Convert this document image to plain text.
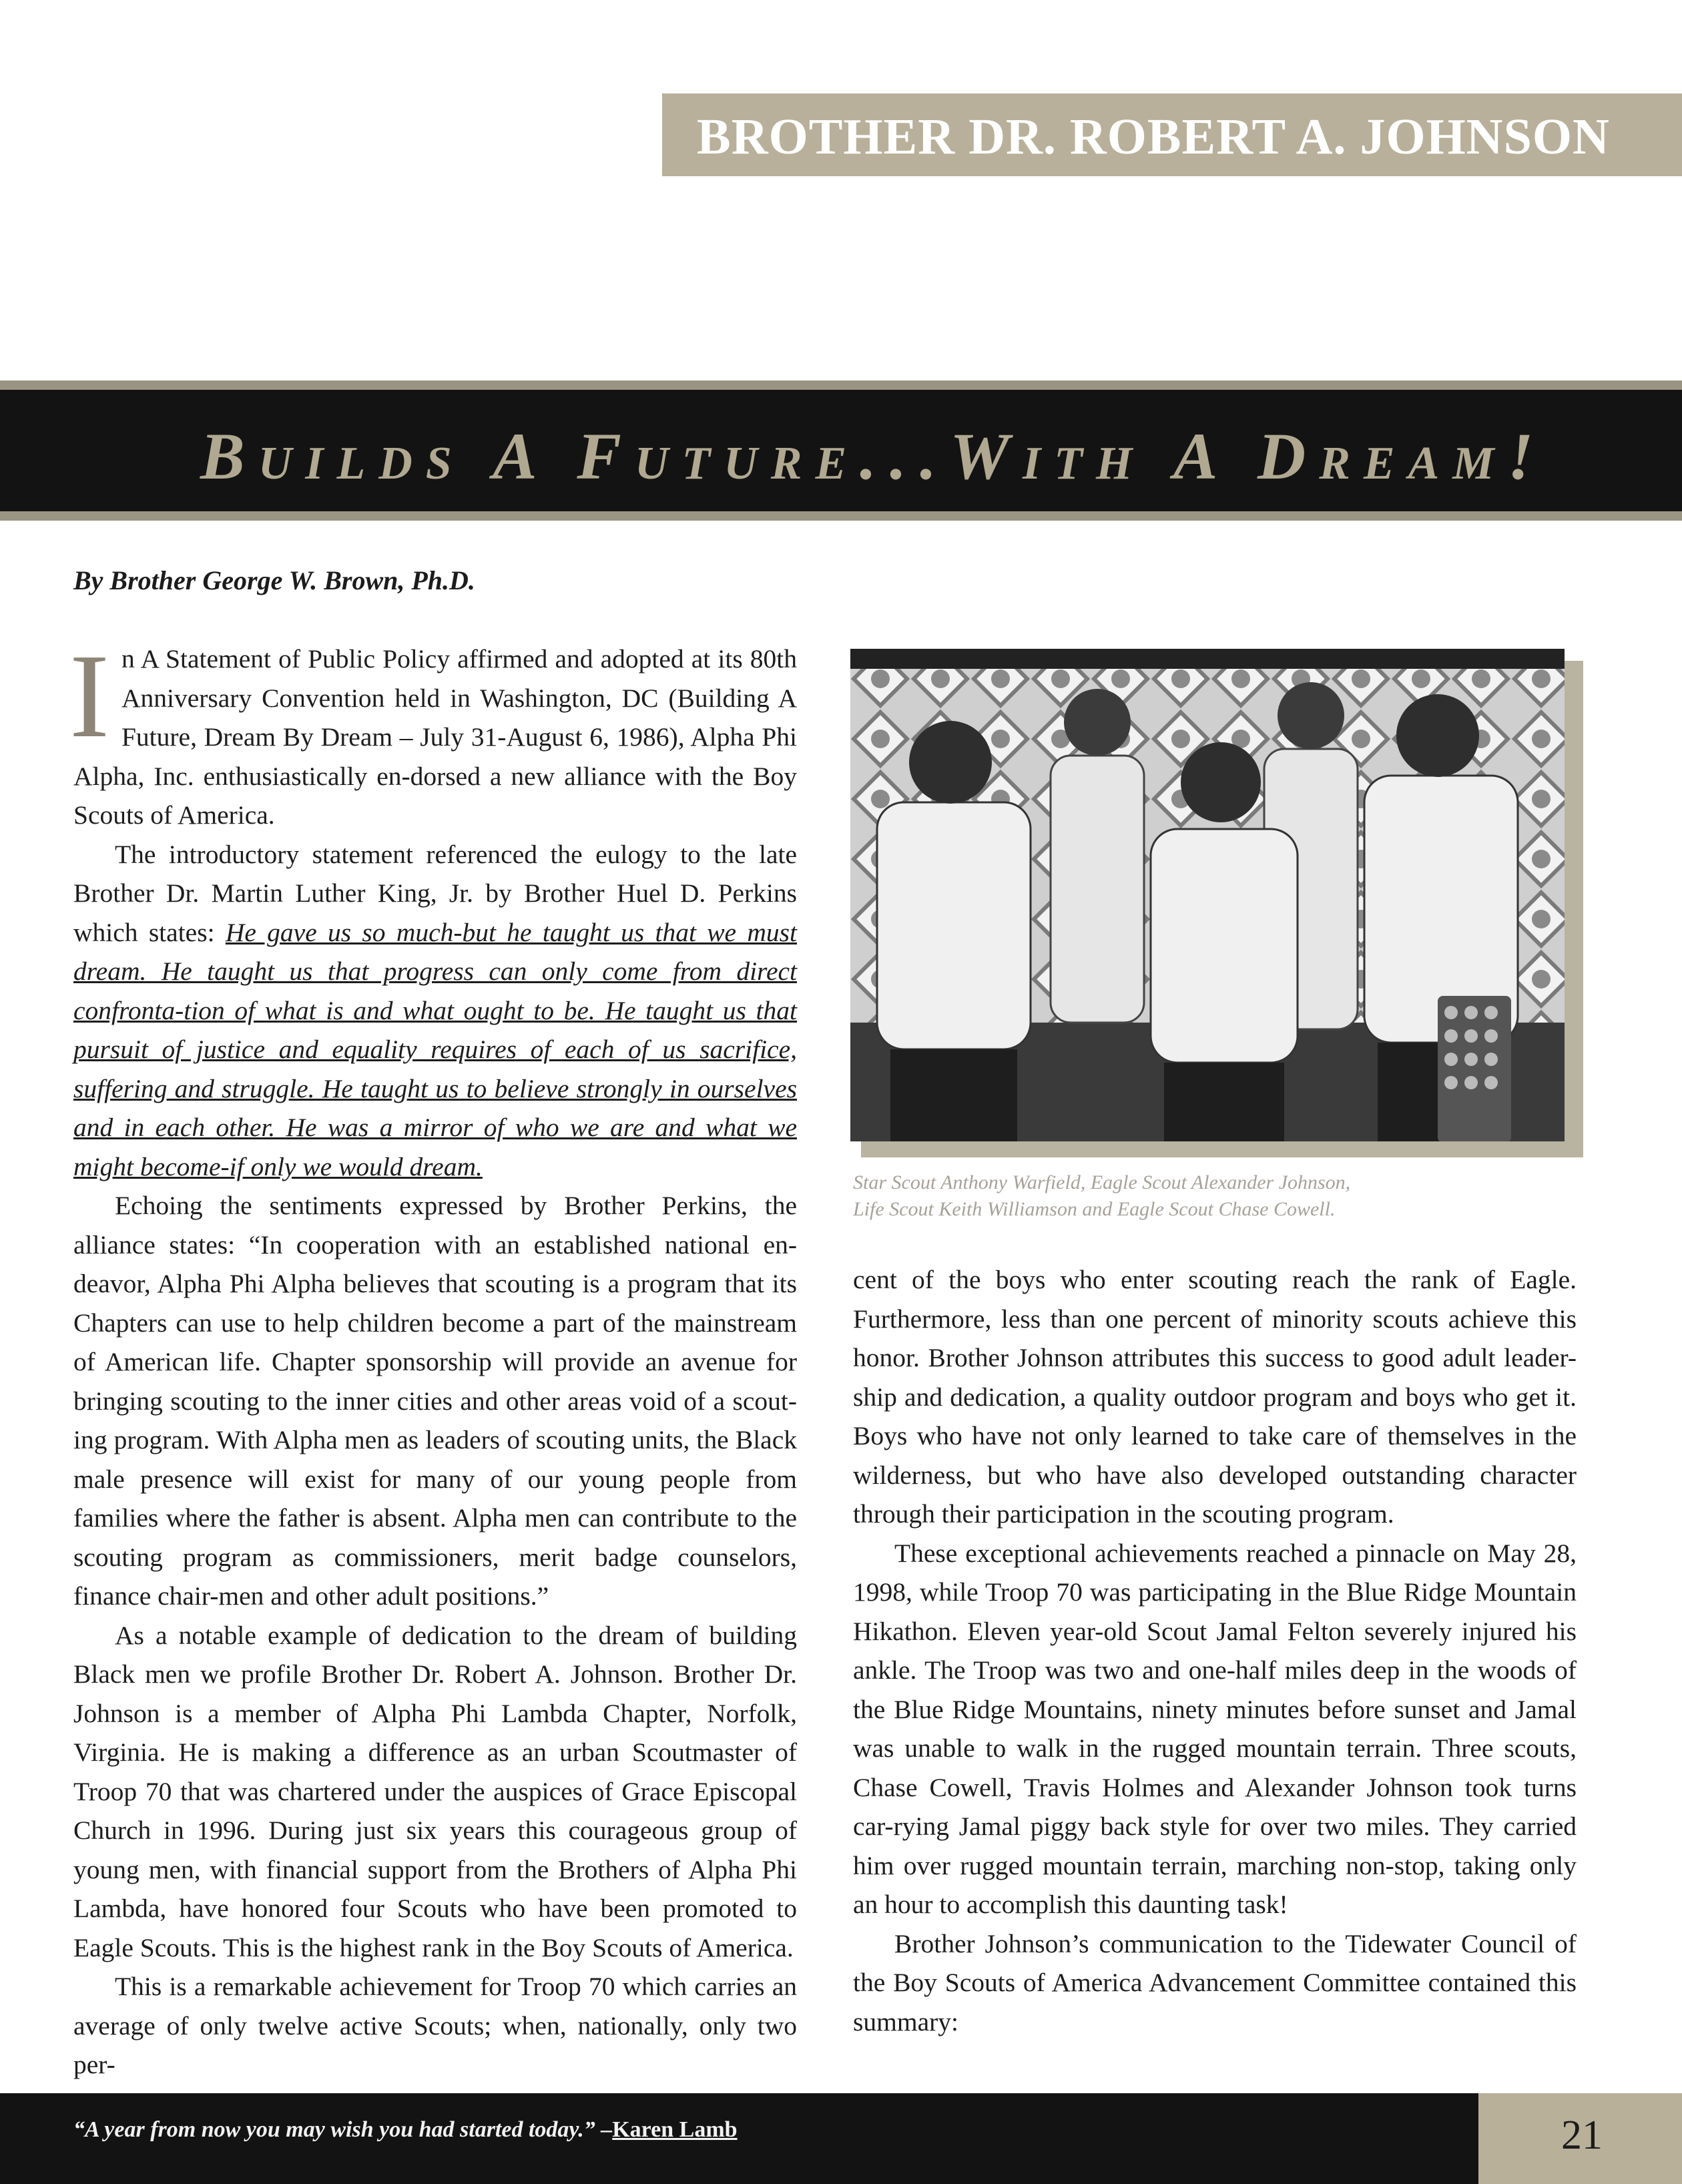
BROTHER DR. ROBERT A. JOHNSON
Builds A Future...With A Dream!
By Brother George W. Brown, Ph.D.

In A Statement of Public Policy affirmed and adopted at its 80th Anniversary Convention held in Washington, DC (Building A Future, Dream By Dream – July 31-August 6, 1986), Alpha Phi Alpha, Inc. enthusiastically en-dorsed a new alliance with the Boy Scouts of America.

The introductory statement referenced the eulogy to the late Brother Dr. Martin Luther King, Jr. by Brother Huel D. Perkins which states: He gave us so much-but he taught us that we must dream. He taught us that progress can only come from direct confronta-tion of what is and what ought to be. He taught us that pursuit of justice and equality requires of each of us sacrifice, suffering and struggle. He taught us to believe strongly in ourselves and in each other. He was a mirror of who we are and what we might become-if only we would dream.

Echoing the sentiments expressed by Brother Perkins, the alliance states: “In cooperation with an established national en-deavor, Alpha Phi Alpha believes that scouting is a program that its Chapters can use to help children become a part of the mainstream of American life. Chapter sponsorship will provide an avenue for bringing scouting to the inner cities and other areas void of a scout-ing program. With Alpha men as leaders of scouting units, the Black male presence will exist for many of our young people from families where the father is absent. Alpha men can contribute to the scouting program as commissioners, merit badge counselors, finance chair-men and other adult positions.”

As a notable example of dedication to the dream of building Black men we profile Brother Dr. Robert A. Johnson. Brother Dr. Johnson is a member of Alpha Phi Lambda Chapter, Norfolk, Virginia. He is making a difference as an urban Scoutmaster of Troop 70 that was chartered under the auspices of Grace Episcopal Church in 1996. During just six years this courageous group of young men, with financial support from the Brothers of Alpha Phi Lambda, have honored four Scouts who have been promoted to Eagle Scouts. This is the highest rank in the Boy Scouts of America.

This is a remarkable achievement for Troop 70 which carries an average of only twelve active Scouts; when, nationally, only two per-

Star Scout Anthony Warfield, Eagle Scout Alexander Johnson,
Life Scout Keith Williamson and Eagle Scout Chase Cowell.

cent of the boys who enter scouting reach the rank of Eagle. Furthermore, less than one percent of minority scouts achieve this honor. Brother Johnson attributes this success to good adult leader-ship and dedication, a quality outdoor program and boys who get it. Boys who have not only learned to take care of themselves in the wilderness, but who have also developed outstanding character through their participation in the scouting program.

These exceptional achievements reached a pinnacle on May 28, 1998, while Troop 70 was participating in the Blue Ridge Mountain Hikathon. Eleven year-old Scout Jamal Felton severely injured his ankle. The Troop was two and one-half miles deep in the woods of the Blue Ridge Mountains, ninety minutes before sunset and Jamal was unable to walk in the rugged mountain terrain. Three scouts, Chase Cowell, Travis Holmes and Alexander Johnson took turns car-rying Jamal piggy back style for over two miles. They carried him over rugged mountain terrain, marching non-stop, taking only an hour to accomplish this daunting task!

Brother Johnson’s communication to the Tidewater Council of the Boy Scouts of America Advancement Committee contained this summary:

“A year from now you may wish you had started today.” –Karen Lamb	21
